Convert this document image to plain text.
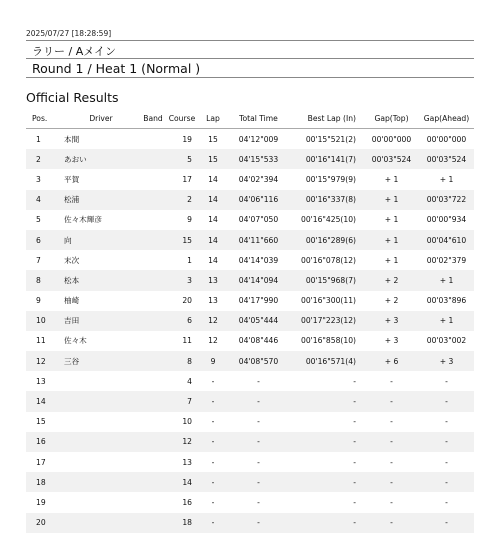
2025/07/27 [18:28:59]
ラリー / Aメイン
Round 1 / Heat 1 (Normal )
Official Results
Pos.	Driver	Band	Course	Lap	Total Time	Best Lap (In)	Gap(Top)	Gap(Ahead)
1	本間		19	15	04'12"009	00'15"521(2)	00'00"000	00'00"000
2	あおい		5	15	04'15"533	00'16"141(7)	00'03"524	00'03"524
3	平賀		17	14	04'02"394	00'15"979(9)	+ 1	+ 1
4	松浦		2	14	04'06"116	00'16"337(8)	+ 1	00'03"722
5	佐々木輝彦		9	14	04'07"050	00'16"425(10)	+ 1	00'00"934
6	向		15	14	04'11"660	00'16"289(6)	+ 1	00'04"610
7	末次		1	14	04'14"039	00'16"078(12)	+ 1	00'02"379
8	松本		3	13	04'14"094	00'15"968(7)	+ 2	+ 1
9	柚崎		20	13	04'17"990	00'16"300(11)	+ 2	00'03"896
10	吉田		6	12	04'05"444	00'17"223(12)	+ 3	+ 1
11	佐々木		11	12	04'08"446	00'16"858(10)	+ 3	00'03"002
12	三谷		8	9	04'08"570	00'16"571(4)	+ 6	+ 3
13			4	-	-	-	-	-
14			7	-	-	-	-	-
15			10	-	-	-	-	-
16			12	-	-	-	-	-
17			13	-	-	-	-	-
18			14	-	-	-	-	-
19			16	-	-	-	-	-
20			18	-	-	-	-	-
